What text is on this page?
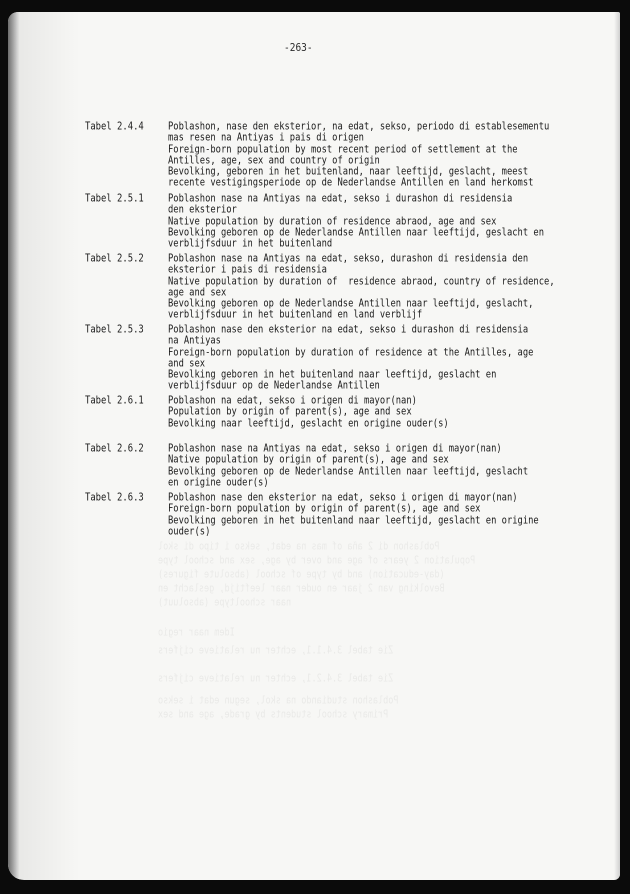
Poblashon di 2 aña of mas na edat, sekso i tipo di skol
Population 2 years of age and over by age, sex and school type
(day-education) and by type of school (absolute figures)
Bevolking van 2 jaar en ouder naar leeftijd, geslacht en
naar schooltype (absoluut)
Idem naar regio
Zie tabel 3.4.1.1, echter nu relatieve cijfers
Zie tabel 3.4.2.1, echter nu relatieve cijfers
Poblashon studiando na skol, segun edat i sekso
Primary school students by grade, age and sex
-263-
Tabel 2.4.4	Poblashon, nase den eksterior, na edat, sekso, periodo di establesementu
mas resen na Antiyas i pais di origen
Foreign-born population by most recent period of settlement at the
Antilles, age, sex and country of origin
Bevolking, geboren in het buitenland, naar leeftijd, geslacht, meest
recente vestigingsperiode op de Nederlandse Antillen en land herkomst
Tabel 2.5.1	Poblashon nase na Antiyas na edat, sekso i durashon di residensia
den eksterior
Native population by duration of residence abraod, age and sex
Bevolking geboren op de Nederlandse Antillen naar leeftijd, geslacht en
verblijfsduur in het buitenland
Tabel 2.5.2	Poblashon nase na Antiyas na edat, sekso, durashon di residensia den
eksterior i pais di residensia
Native population by duration of  residence abraod, country of residence,
age and sex
Bevolking geboren op de Nederlandse Antillen naar leeftijd, geslacht,
verblijfsduur in het buitenland en land verblijf
Tabel 2.5.3	Poblashon nase den eksterior na edat, sekso i durashon di residensia
na Antiyas
Foreign-born population by duration of residence at the Antilles, age
and sex
Bevolking geboren in het buitenland naar leeftijd, geslacht en
verblijfsduur op de Nederlandse Antillen
Tabel 2.6.1	Poblashon na edat, sekso i origen di mayor(nan)
Population by origin of parent(s), age and sex
Bevolking naar leeftijd, geslacht en origine ouder(s)
Tabel 2.6.2	Poblashon nase na Antiyas na edat, sekso i origen di mayor(nan)
Native population by origin of parent(s), age and sex
Bevolking geboren op de Nederlandse Antillen naar leeftijd, geslacht
en origine ouder(s)
Tabel 2.6.3	Poblashon nase den eksterior na edat, sekso i origen di mayor(nan)
Foreign-born population by origin of parent(s), age and sex
Bevolking geboren in het buitenland naar leeftijd, geslacht en origine
ouder(s)
